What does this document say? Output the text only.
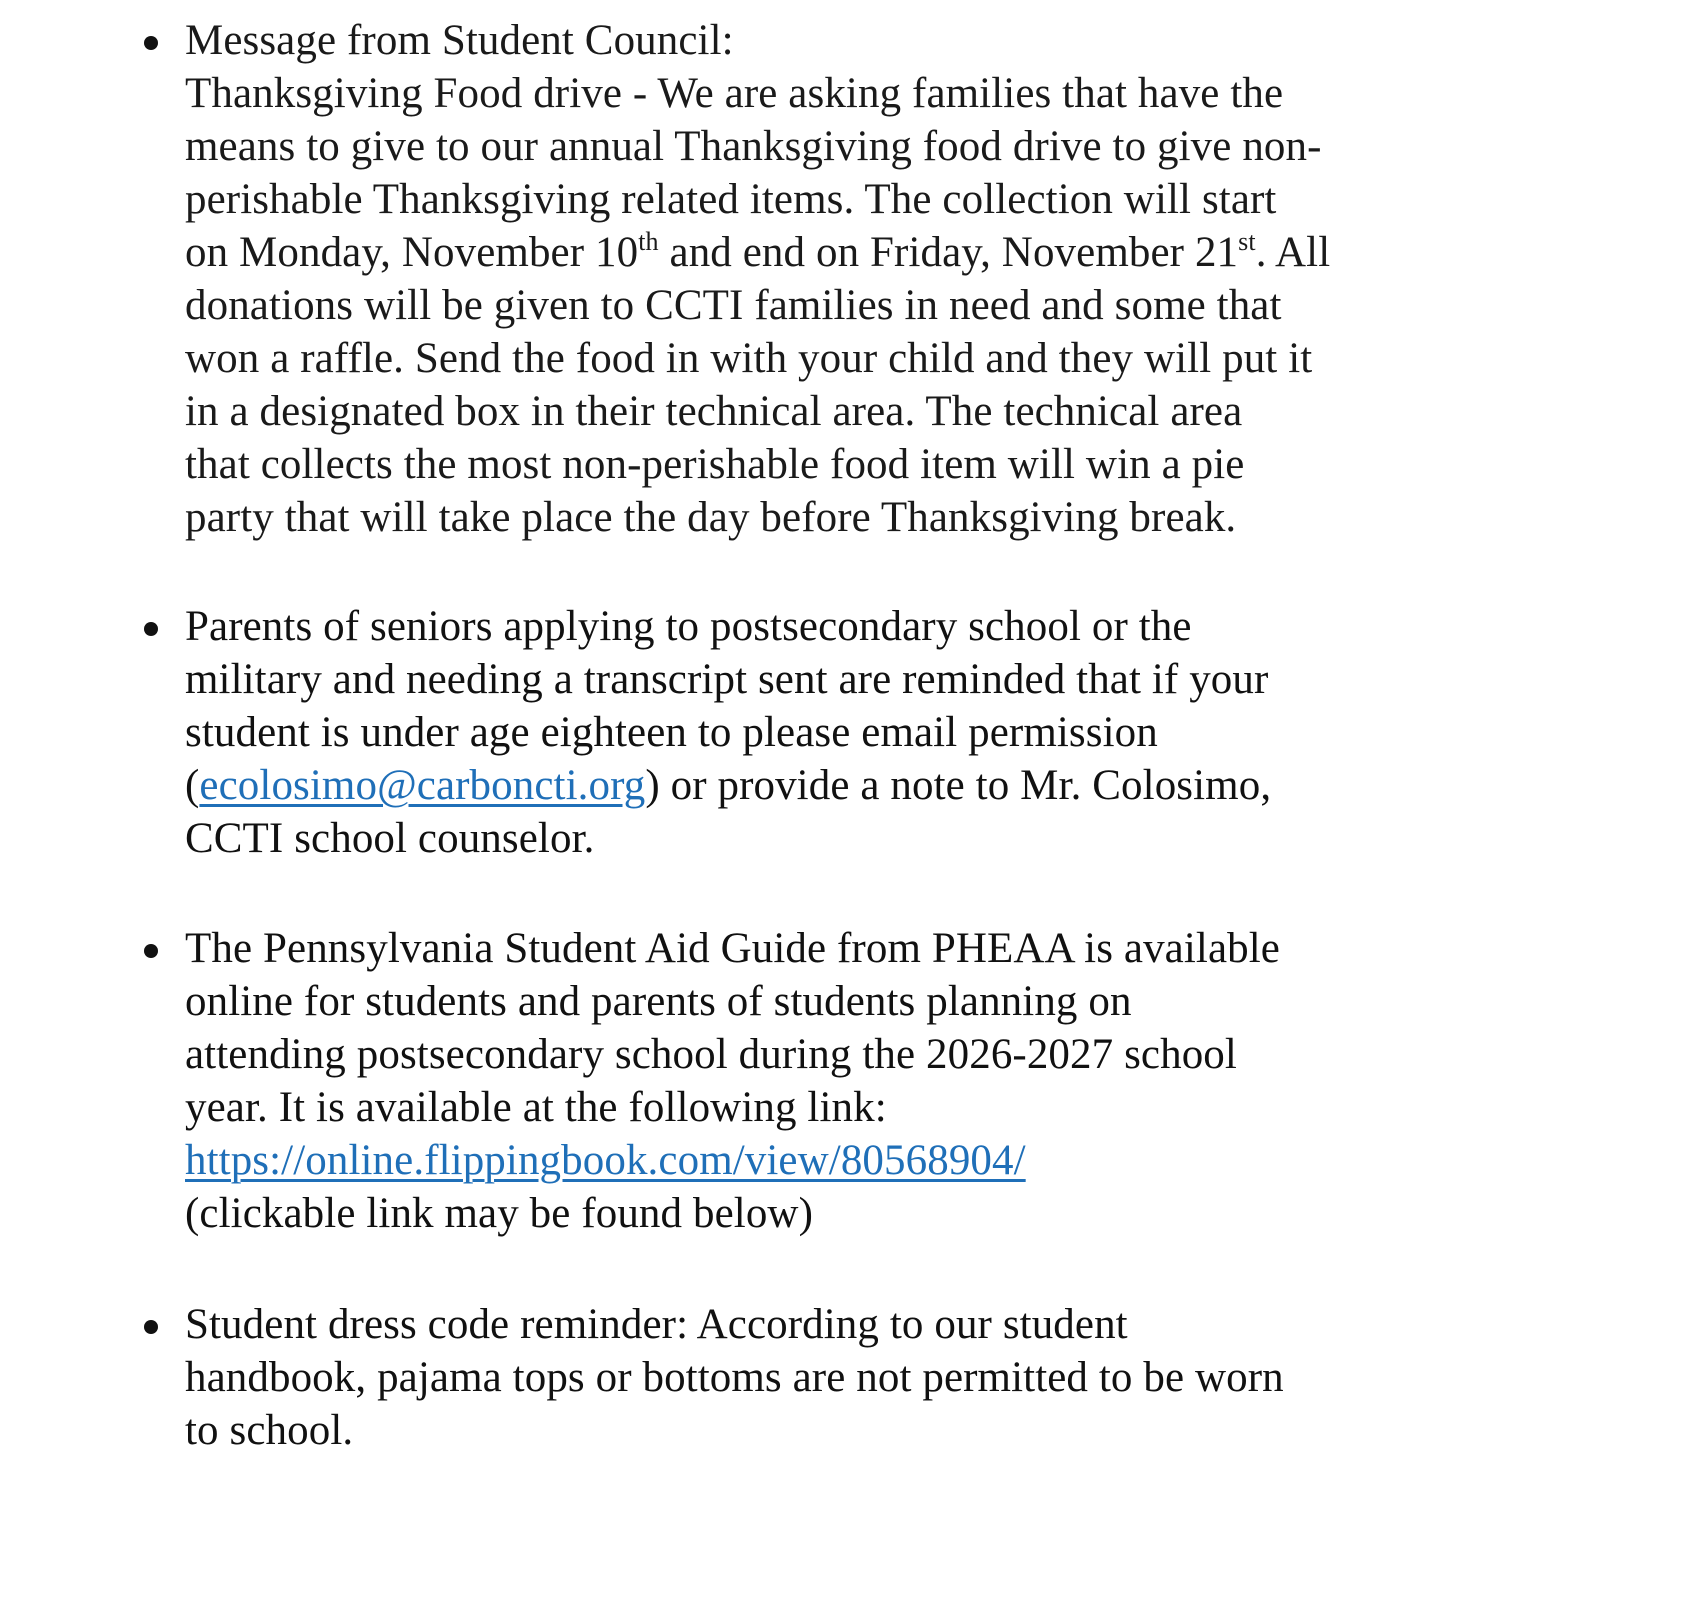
Message from Student Council:
Thanksgiving Food drive - We are asking families that have the
means to give to our annual Thanksgiving food drive to give non-
perishable Thanksgiving related items. The collection will start
on Monday, November 10th and end on Friday, November 21st. All
donations will be given to CCTI families in need and some that
won a raffle. Send the food in with your child and they will put it
in a designated box in their technical area. The technical area
that collects the most non-perishable food item will win a pie
party that will take place the day before Thanksgiving break.
Parents of seniors applying to postsecondary school or the
military and needing a transcript sent are reminded that if your
student is under age eighteen to please email permission
(ecolosimo@carboncti.org) or provide a note to Mr. Colosimo,
CCTI school counselor.
The Pennsylvania Student Aid Guide from PHEAA is available
online for students and parents of students planning on
attending postsecondary school during the 2026-2027 school
year. It is available at the following link:
https://online.flippingbook.com/view/80568904/
(clickable link may be found below)
Student dress code reminder: According to our student
handbook, pajama tops or bottoms are not permitted to be worn
to school.
